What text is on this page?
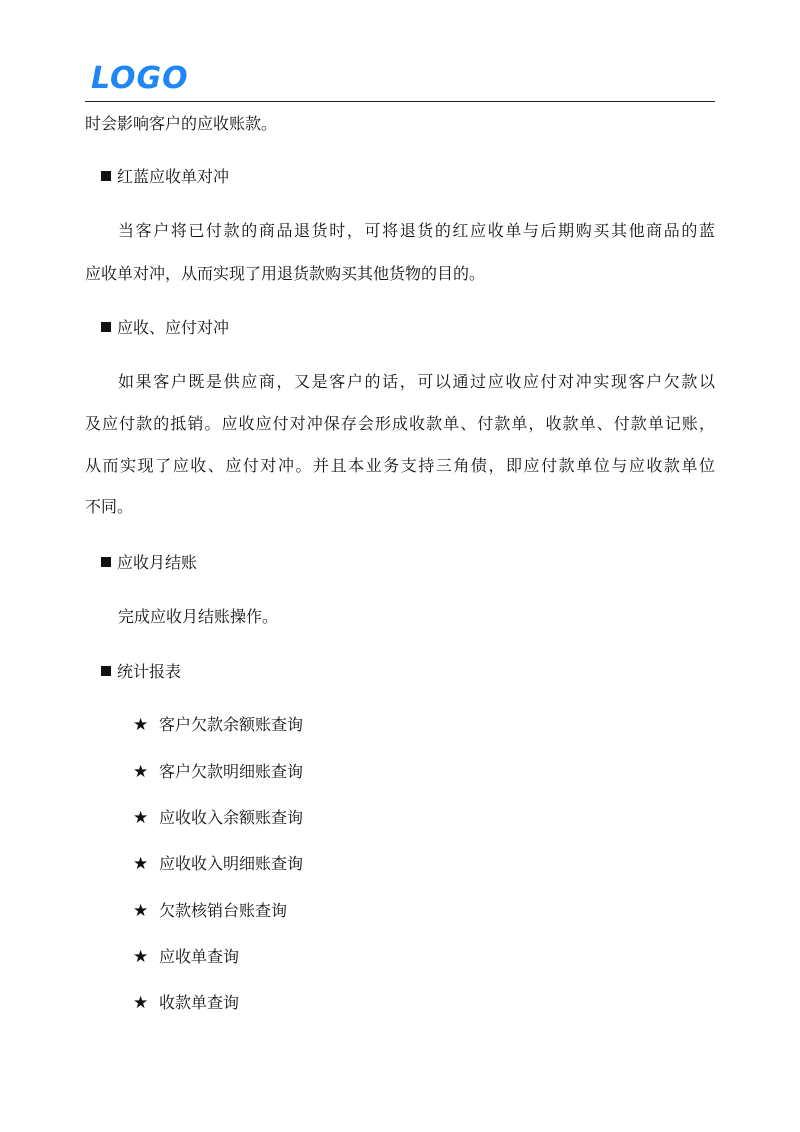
LOGO
时会影响客户的应收账款。
红蓝应收单对冲
当客户将已付款的商品退货时，可将退货的红应收单与后期购买其他商品的蓝
应收单对冲，从而实现了用退货款购买其他货物的目的。
应收、应付对冲
如果客户既是供应商，又是客户的话，可以通过应收应付对冲实现客户欠款以
及应付款的抵销。应收应付对冲保存会形成收款单、付款单，收款单、付款单记账，
从而实现了应收、应付对冲。并且本业务支持三角债，即应付款单位与应收款单位
不同。
应收月结账
完成应收月结账操作。
统计报表
★ 客户欠款余额账查询
★ 客户欠款明细账查询
★ 应收收入余额账查询
★ 应收收入明细账查询
★ 欠款核销台账查询
★ 应收单查询
★ 收款单查询
